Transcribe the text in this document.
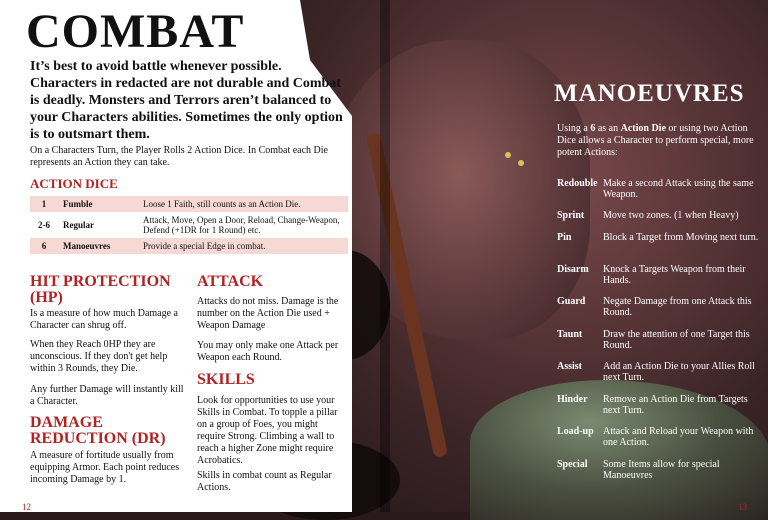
COMBAT
It’s best to avoid battle whenever possible. Characters in redacted are not durable and Combat is deadly. Monsters and Terrors aren’t balanced to your Characters abilities. Sometimes the only option is to outsmart them.
On a Characters Turn, the Player Rolls 2 Action Dice. In Combat each Die represents an Action they can take.
ACTION DICE
1	Fumble	Loose 1 Faith, still counts as an Action Die.
2-6	Regular	Attack, Move, Open a Door, Reload, Change-Weapon, Defend (+1DR for 1 Round) etc.
6	Manoeuvres	Provide a special Edge in combat.
HIT PROTECTION (HP)
Is a measure of how much Damage a Character can shrug off.
When they Reach 0HP they are unconscious. If they don't get help within 3 Rounds, they Die.
Any further Damage will instantly kill a Character.
DAMAGE REDUCTION (DR)
A measure of fortitude usually from equipping Armor. Each point reduces incoming Damage by 1.
ATTACK
Attacks do not miss. Damage is the number on the Action Die used + Weapon Damage
You may only make one Attack per Weapon each Round.
SKILLS
Look for opportunities to use your Skills in Combat. To topple a pillar on a group of Foes, you might require Strong. Climbing a wall to reach a higher Zone might require Acrobatics.
Skills in combat count as Regular Actions.
12
MANOEUVRES
Using a 6 as an Action Die or using two Action Dice allows a Character to perform special, more potent Actions:
Redouble Make a second Attack using the same Weapon.
Sprint	Move two zones. (1 when Heavy)
Pin	Block a Target from Moving next turn.
Disarm	Knock a Targets Weapon from their Hands.
Guard	Negate Damage from one Attack this Round.
Taunt	Draw the attention of one Target this Round.
Assist	Add an Action Die to your Allies Roll next Turn.
Hinder	Remove an Action Die from Targets next Turn.
Load-up Attack and Reload your Weapon with one Action.
Special	Some Items allow for special Manoeuvres
13
